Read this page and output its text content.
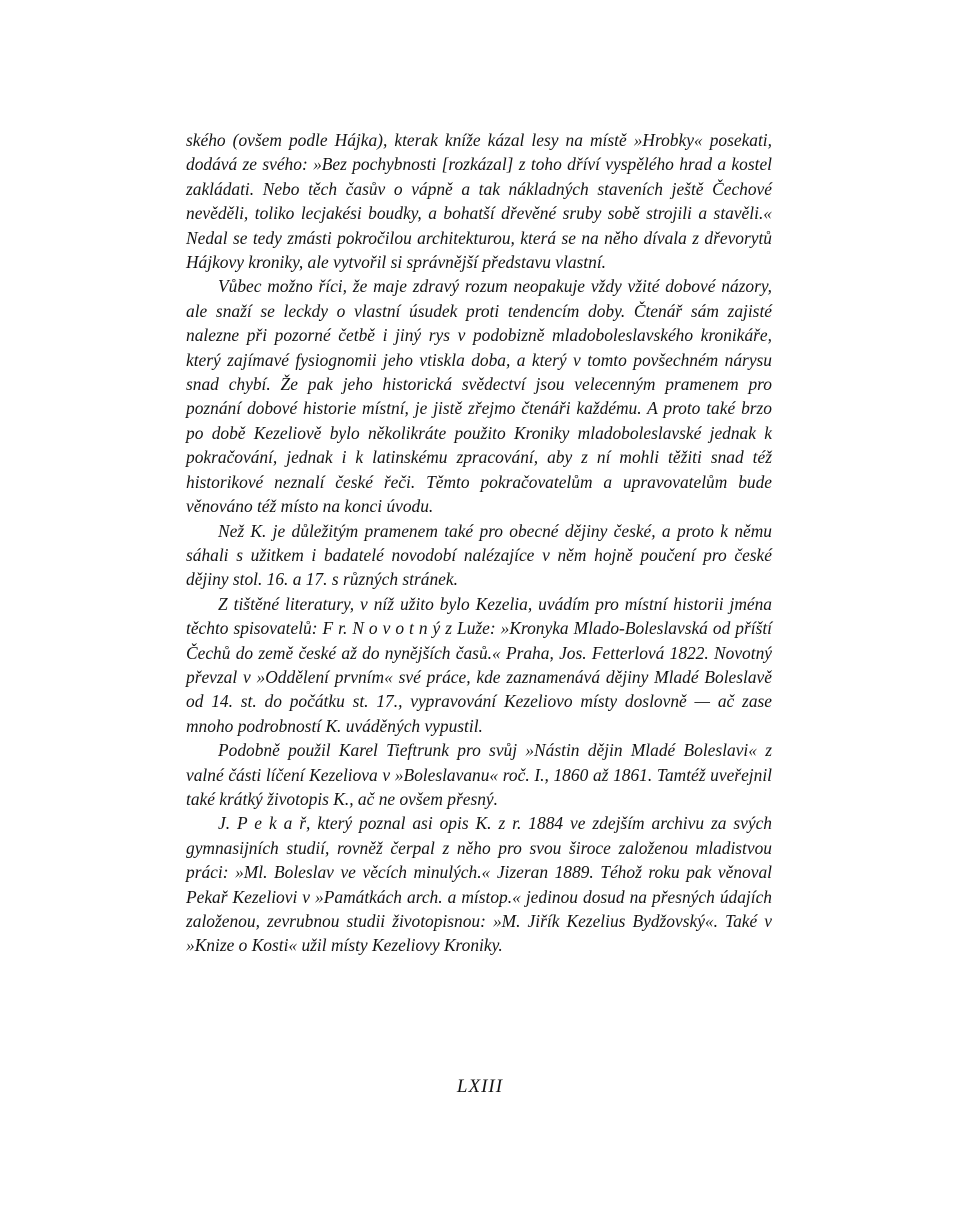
ského (ovšem podle Hájka), kterak kníže kázal lesy na místě »Hrobky« posekati, dodává ze svého: »Bez pochybnosti [rozkázal] z toho dříví vyspělého hrad a kostel zakládati. Nebo těch časův o vápně a tak nákladných staveních ještě Čechové nevěděli, toliko lecjakési boudky, a bohatší dřevěné sruby sobě strojili a stavěli.« Nedal se tedy zmásti pokročilou architekturou, která se na něho dívala z dřevorytů Hájkovy kroniky, ale vytvořil si správnější představu vlastní.

Vůbec možno říci, že maje zdravý rozum neopakuje vždy vžité dobové názory, ale snaží se leckdy o vlastní úsudek proti tendencím doby. Čtenář sám zajisté nalezne při pozorné četbě i jiný rys v podobizně mladoboleslavského kronikáře, který zajímavé fysiognomii jeho vtiskla doba, a který v tomto povšechném nárysu snad chybí. Že pak jeho historická svědectví jsou velecenným pramenem pro poznání dobové historie místní, je jistě zřejmo čtenáři každému. A proto také brzo po době Kezeliově bylo několikráte použito Kroniky mladoboleslavské jednak k pokračování, jednak i k latinskému zpracování, aby z ní mohli těžiti snad též historikové neznalí české řeči. Těmto pokračovatelům a upravovatelům bude věnováno též místo na konci úvodu.

Než K. je důležitým pramenem také pro obecné dějiny české, a proto k němu sáhali s užitkem i badatelé novodobí nalézajíce v něm hojně poučení pro české dějiny stol. 16. a 17. s různých stránek.

Z tištěné literatury, v níž užito bylo Kezelia, uvádím pro místní historii jména těchto spisovatelů: F r. N o v o t n ý z Luže: »Kronyka Mlado-Boleslavská od příští Čechů do země české až do nynějších časů.« Praha, Jos. Fetterlová 1822. Novotný převzal v »Oddělení prvním« své práce, kde zaznamenává dějiny Mladé Boleslavě od 14. st. do počátku st. 17., vypravování Kezeliovo místy doslovně — ač zase mnoho podrobností K. uváděných vypustil.

Podobně použil Karel Tieftrunk pro svůj »Nástin dějin Mladé Boleslavi« z valné části líčení Kezeliova v »Boleslavanu« roč. I., 1860 až 1861. Tamtéž uveřejnil také krátký životopis K., ač ne ovšem přesný.

J. P e k a ř, který poznal asi opis K. z r. 1884 ve zdejším archivu za svých gymnasijních studií, rovněž čerpal z něho pro svou široce založenou mladistvou práci: »Ml. Boleslav ve věcích minulých.« Jizeran 1889. Téhož roku pak věnoval Pekař Kezeliovi v »Památkách arch. a místop.« jedinou dosud na přesných údajích založenou, zevrubnou studii životopisnou: »M. Jiřík Kezelius Bydžovský«. Také v »Knize o Kosti« užil místy Kezeliovy Kroniky.

LXIII
